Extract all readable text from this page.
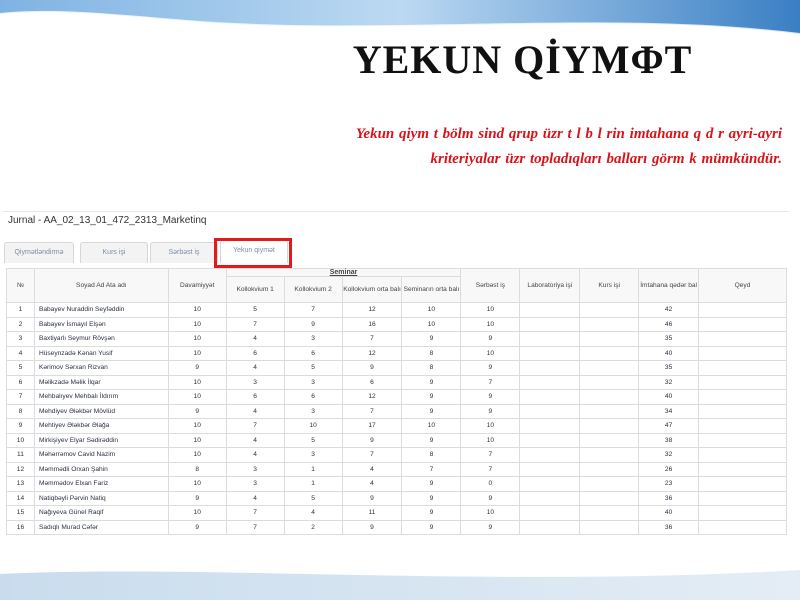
YEKUN QİYMΦT
Yekun qiym t bölm sind qrup üzr t l b l rin imtahana q d r ayri-ayri
kriteriyalar üzr topladıqları balları görm k mümkündür.
Jurnal - AA_02_13_01_472_2313_Marketinq
Qiymətləndirmə	Kurs işi	Sərbəst iş	Yekun qiymət
№	Soyad Ad Ata adı	Davamiyyət	Seminar				Sərbəst iş	Laboratoriya işi	Kurs işi	İmtahana qədər bal	Qeyd
			Kollokvium 1	Kollokvium 2	Kollokvium orta balı	Seminarın orta balı					
1	Babayev Nuraddin Seyfəddin	10	5	7	12	10	10			42	
2	Babayev İsmayıl Elşən	10	7	9	16	10	10			46	
3	Baxtiyarlı Seymur Rövşən	10	4	3	7	9	9			35	
4	Hüseynzadə Kənan Yusif	10	6	6	12	8	10			40	
5	Kərimov Sərxan Rizvan	9	4	5	9	8	9			35	
6	Məlikzadə Məlik İlqar	10	3	3	6	9	7			32	
7	Mehbalıyev Mehbalı İldırım	10	6	6	12	9	9			40	
8	Mehdiyev Ələkbər Mövlüd	9	4	3	7	9	9			34	
9	Mehtiyev Ələkbər Əlağa	10	7	10	17	10	10			47	
10	Mirkişiyev Elyar Sədirəddin	10	4	5	9	9	10			38	
11	Məhərrəmov Cavid Nazim	10	4	3	7	8	7			32	
12	Məmmədli Orxan Şahin	8	3	1	4	7	7			26	
13	Məmmədov Elxan Fariz	10	3	1	4	9	0			23	
14	Natiqbəyli Pərvin Natiq	9	4	5	9	9	9			36	
15	Nağıyeva Günel Raqif	10	7	4	11	9	10			40	
16	Sadıqlı Murad Cəfər	9	7	2	9	9	9			36	
